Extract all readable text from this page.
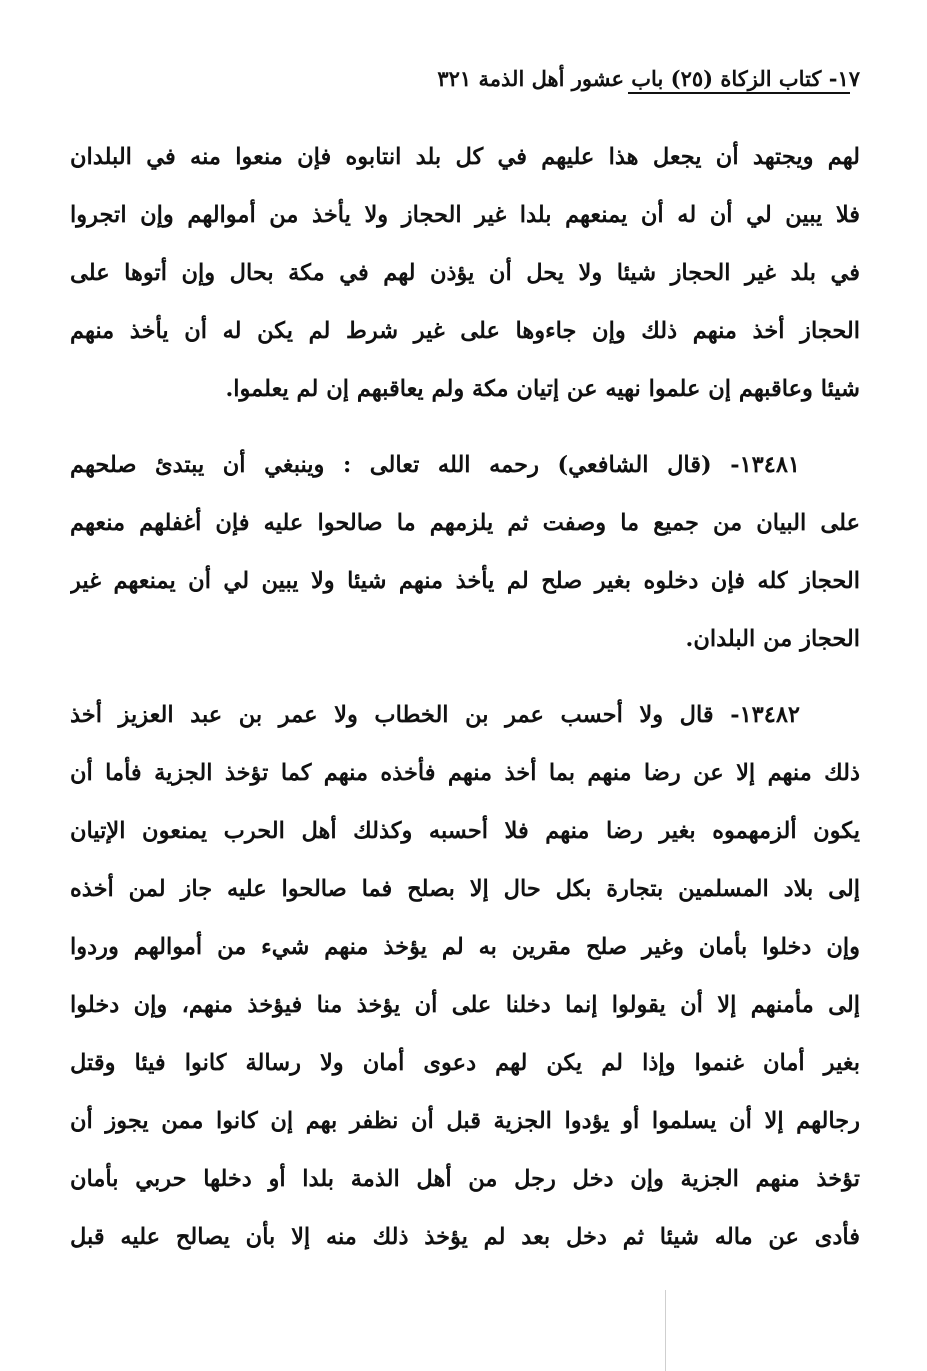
١٧- كتاب الزكاة (٢٥) باب عشور أهل الذمة ٣٢١
لهم ويجتهد أن يجعل هذا عليهم في كل بلد انتابوه فإن منعوا منه في البلدان
فلا يبين لي أن له أن يمنعهم بلدا غير الحجاز ولا يأخذ من أموالهم وإن اتجروا
في بلد غير الحجاز شيئا ولا يحل أن يؤذن لهم في مكة بحال وإن أتوها على
الحجاز أخذ منهم ذلك وإن جاءوها على غير شرط لم يكن له أن يأخذ منهم
شيئا وعاقبهم إن علموا نهيه عن إتيان مكة ولم يعاقبهم إن لم يعلموا.
١٣٤٨١- (قال الشافعي) رحمه الله تعالى : وينبغي أن يبتدئ صلحهم
على البيان من جميع ما وصفت ثم يلزمهم ما صالحوا عليه فإن أغفلهم منعهم
الحجاز كله فإن دخلوه بغير صلح لم يأخذ منهم شيئا ولا يبين لي أن يمنعهم غير
الحجاز من البلدان.
١٣٤٨٢- قال ولا أحسب عمر بن الخطاب ولا عمر بن عبد العزيز أخذ
ذلك منهم إلا عن رضا منهم بما أخذ منهم فأخذه منهم كما تؤخذ الجزية فأما أن
يكون ألزمهموه بغير رضا منهم فلا أحسبه وكذلك أهل الحرب يمنعون الإتيان
إلى بلاد المسلمين بتجارة بكل حال إلا بصلح فما صالحوا عليه جاز لمن أخذه
وإن دخلوا بأمان وغير صلح مقرين به لم يؤخذ منهم شيء من أموالهم وردوا
إلى مأمنهم إلا أن يقولوا إنما دخلنا على أن يؤخذ منا فيؤخذ منهم، وإن دخلوا
بغير أمان غنموا وإذا لم يكن لهم دعوى أمان ولا رسالة كانوا فيئا وقتل
رجالهم إلا أن يسلموا أو يؤدوا الجزية قبل أن نظفر بهم إن كانوا ممن يجوز أن
تؤخذ منهم الجزية وإن دخل رجل من أهل الذمة بلدا أو دخلها حربي بأمان
فأدى عن ماله شيئا ثم دخل بعد لم يؤخذ ذلك منه إلا بأن يصالح عليه قبل
